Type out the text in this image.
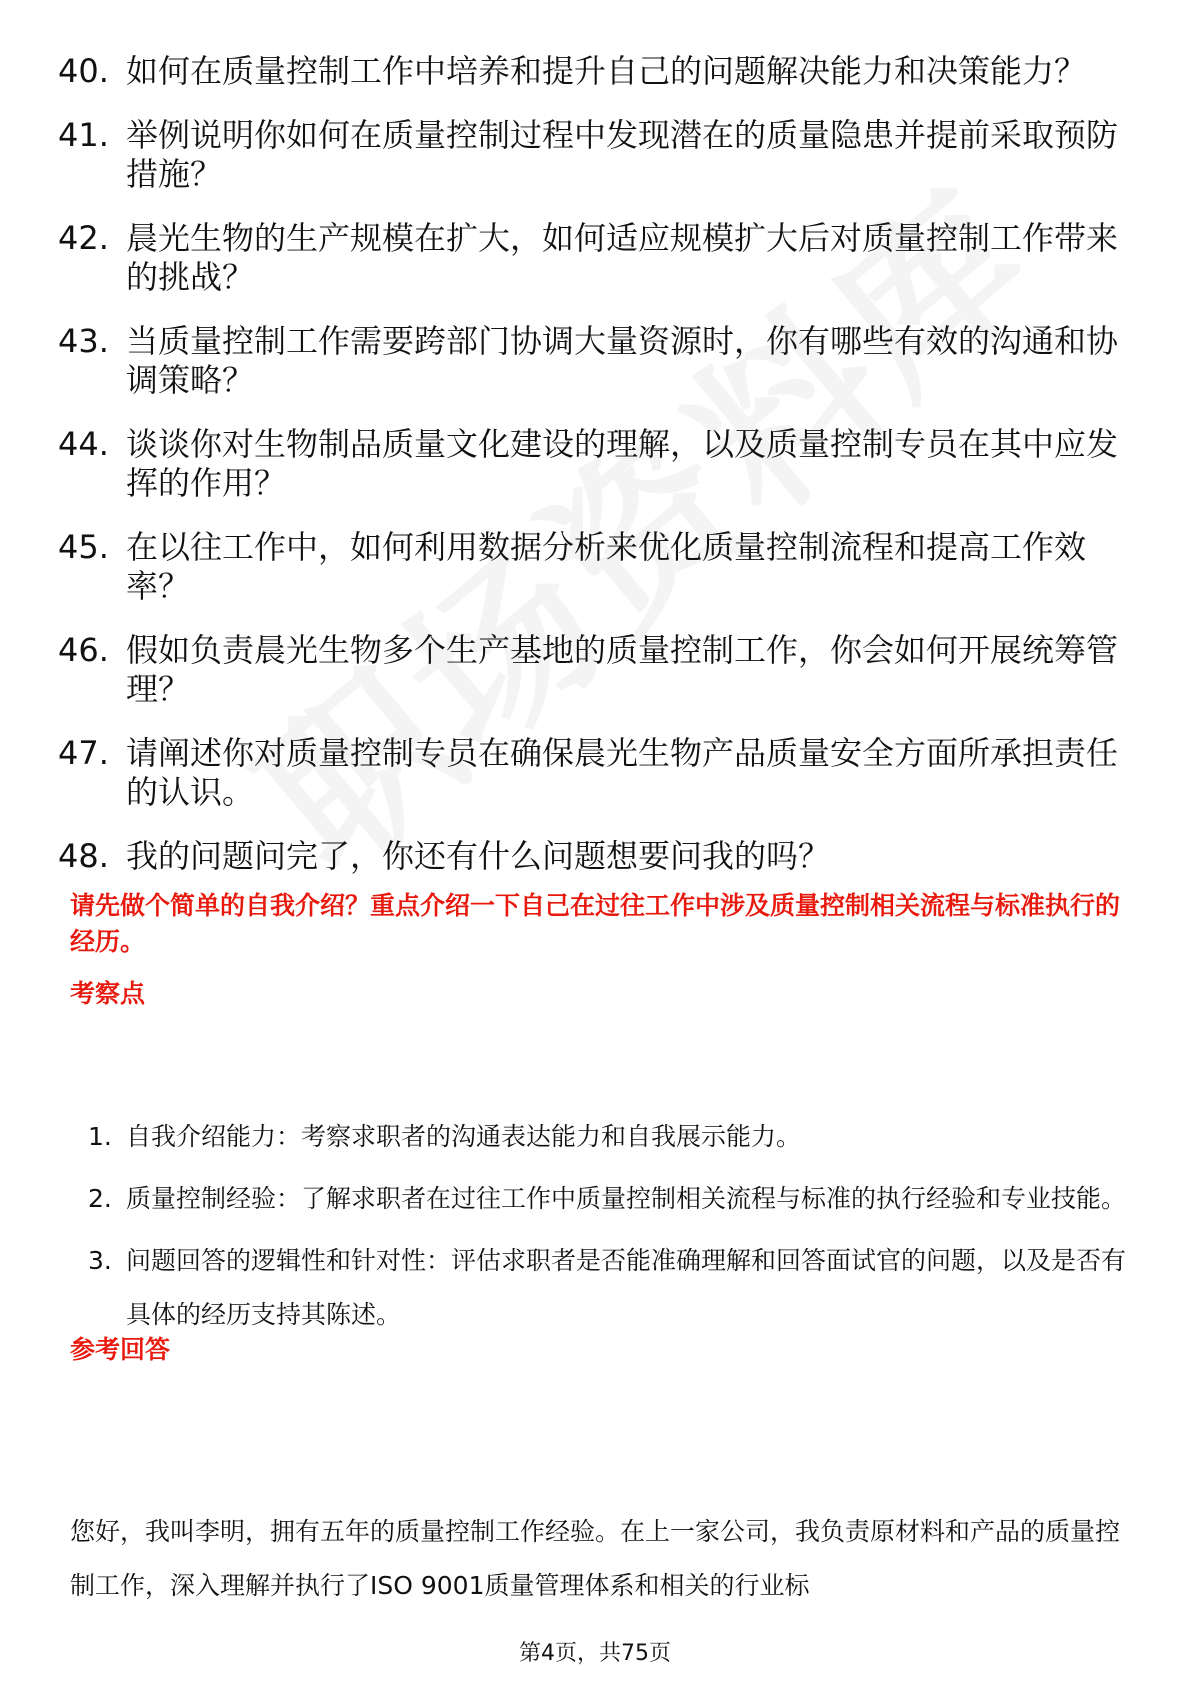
40. 如何在质量控制工作中培养和提升自己的问题解决能力和决策能力？
41. 举例说明你如何在质量控制过程中发现潜在的质量隐患并提前采取预防措施？
42. 晨光生物的生产规模在扩大，如何适应规模扩大后对质量控制工作带来的挑战？
43. 当质量控制工作需要跨部门协调大量资源时，你有哪些有效的沟通和协调策略？
44. 谈谈你对生物制品质量文化建设的理解，以及质量控制专员在其中应发挥的作用？
45. 在以往工作中，如何利用数据分析来优化质量控制流程和提高工作效率？
46. 假如负责晨光生物多个生产基地的质量控制工作，你会如何开展统筹管理？
47. 请阐述你对质量控制专员在确保晨光生物产品质量安全方面所承担责任的认识。
48. 我的问题问完了，你还有什么问题想要问我的吗？

请先做个简单的自我介绍？重点介绍一下自己在过往工作中涉及质量控制相关流程与标准执行的经历。

考察点

1. 自我介绍能力：考察求职者的沟通表达能力和自我展示能力。
2. 质量控制经验：了解求职者在过往工作中质量控制相关流程与标准的执行经验和专业技能。
3. 问题回答的逻辑性和针对性：评估求职者是否能准确理解和回答面试官的问题，以及是否有具体的经历支持其陈述。

参考回答

您好，我叫李明，拥有五年的质量控制工作经验。在上一家公司，我负责原材料和产品的质量控制工作，深入理解并执行了ISO 9001质量管理体系和相关的行业标

第4页，共75页
